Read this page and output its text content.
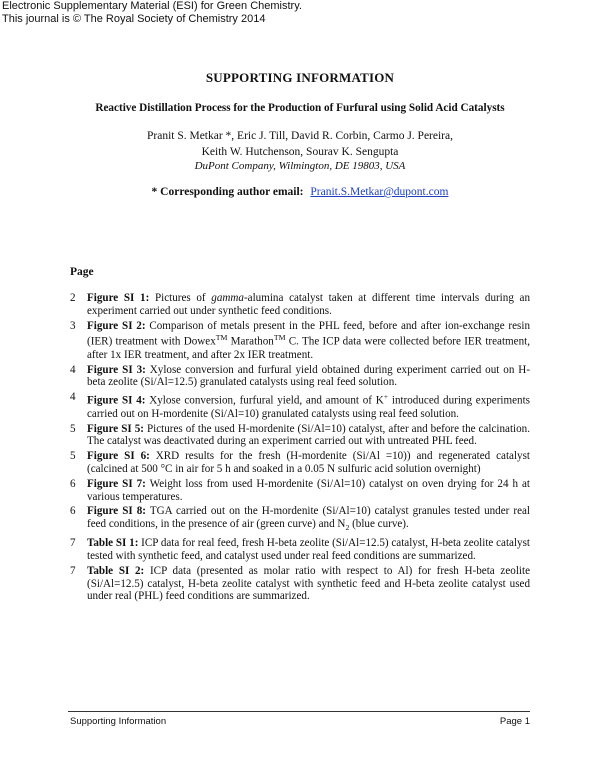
Electronic Supplementary Material (ESI) for Green Chemistry.
This journal is © The Royal Society of Chemistry 2014
SUPPORTING INFORMATION
Reactive Distillation Process for the Production of Furfural using Solid Acid Catalysts
Pranit S. Metkar *, Eric J. Till, David R. Corbin, Carmo J. Pereira,
Keith W. Hutchenson, Sourav K. Sengupta
DuPont Company, Wilmington, DE 19803, USA
* Corresponding author email: Pranit.S.Metkar@dupont.com
Page
2	Figure SI 1: Pictures of gamma-alumina catalyst taken at different time intervals during an experiment carried out under synthetic feed conditions.
3	Figure SI 2: Comparison of metals present in the PHL feed, before and after ion-exchange resin (IER) treatment with Dowex™ Marathon™ C. The ICP data were collected before IER treatment, after 1x IER treatment, and after 2x IER treatment.
4	Figure SI 3: Xylose conversion and furfural yield obtained during experiment carried out on H-beta zeolite (Si/Al=12.5) granulated catalysts using real feed solution.
4	Figure SI 4: Xylose conversion, furfural yield, and amount of K+ introduced during experiments carried out on H-mordenite (Si/Al=10) granulated catalysts using real feed solution.
5	Figure SI 5: Pictures of the used H-mordenite (Si/Al=10) catalyst, after and before the calcination. The catalyst was deactivated during an experiment carried out with untreated PHL feed.
5	Figure SI 6: XRD results for the fresh (H-mordenite (Si/Al =10)) and regenerated catalyst (calcined at 500 °C in air for 5 h and soaked in a 0.05 N sulfuric acid solution overnight)
6	Figure SI 7: Weight loss from used H-mordenite (Si/Al=10) catalyst on oven drying for 24 h at various temperatures.
6	Figure SI 8: TGA carried out on the H-mordenite (Si/Al=10) catalyst granules tested under real feed conditions, in the presence of air (green curve) and $N_2$ (blue curve).
7	Table SI 1: ICP data for real feed, fresh H-beta zeolite (Si/Al=12.5) catalyst, H-beta zeolite catalyst tested with synthetic feed, and catalyst used under real feed conditions are summarized.
7	Table SI 2: ICP data (presented as molar ratio with respect to Al) for fresh H-beta zeolite (Si/Al=12.5) catalyst, H-beta zeolite catalyst with synthetic feed and H-beta zeolite catalyst used under real (PHL) feed conditions are summarized.
Supporting Information	Page 1
